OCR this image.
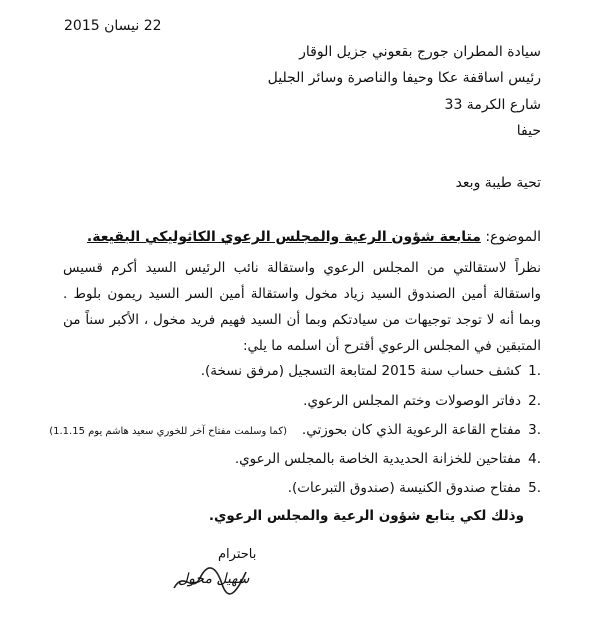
22 نيسان 2015
سيادة المطران جورج بقعوني جزيل الوقار
رئيس اساقفة عكا وحيفا والناصرة وسائر الجليل
شارع الكرمة 33
حيفا
تحية طيبة وبعد
الموضوع: متابعة شؤون الرعية والمجلس الرعوي الكاثوليكي البقيعة.
نظراً لاستقالتي من المجلس الرعوي واستقالة نائب الرئيس السيد أكرم قسيس واستقالة أمين الصندوق السيد زياد مخول واستقالة أمين السر السيد ريمون بلوط . وبما أنه لا توجد توجيهات من سيادتكم وبما أن السيد فهيم فريد مخول ، الأكبر سناً من المتبقين في المجلس الرعوي أقترح أن اسلمه ما يلي:
1.
كشف حساب سنة 2015 لمتابعة التسجيل (مرفق نسخة).
2.
دفاتر الوصولات وختم المجلس الرعوي.
3.
مفتاح القاعة الرعوية الذي كان بحوزتي.
(كما وسلمت مفتاح آخر للخوري سعيد هاشم يوم 1.1.15)
4.
مفتاحين للخزانة الحديدية الخاصة بالمجلس الرعوي.
5.
مفتاح صندوق الكنيسة (صندوق التبرعات).
وذلك لكي يتابع شؤون الرعية والمجلس الرعوي.
باحترام
سهيل مخول
